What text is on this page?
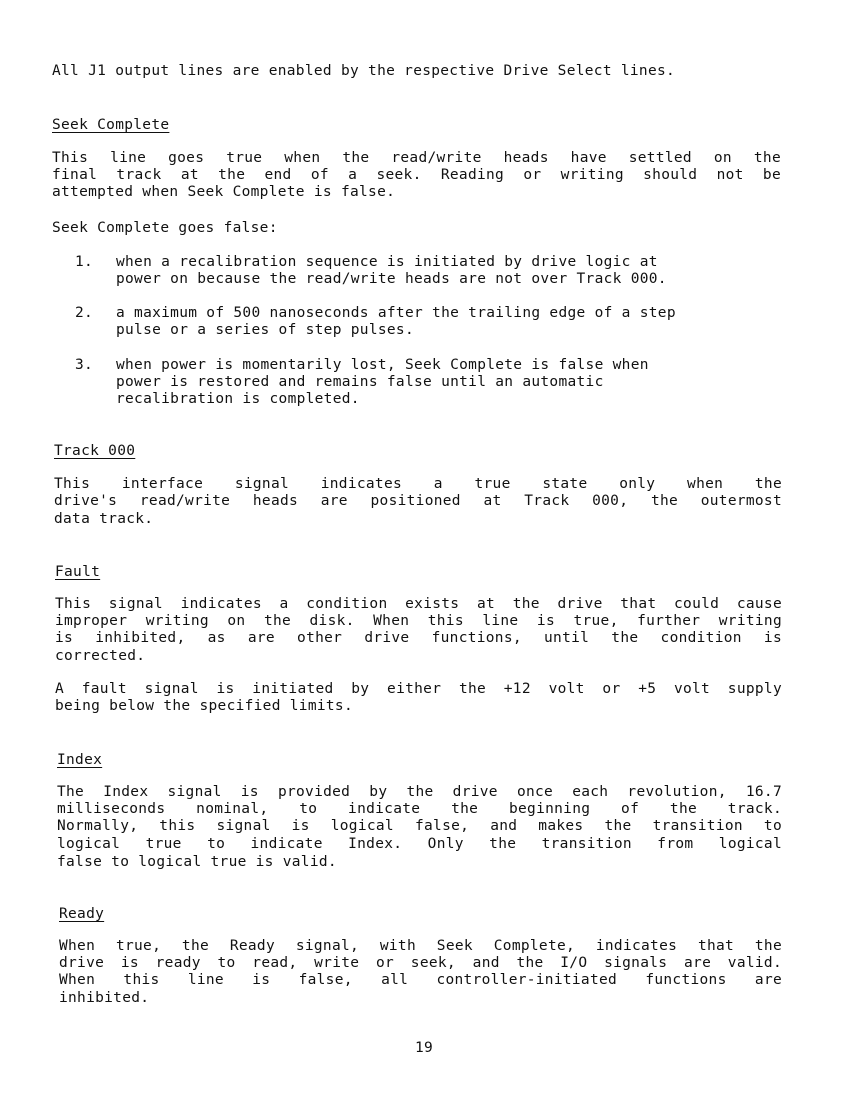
All J1 output lines are enabled by the respective Drive Select lines.
Seek Complete
This line goes true when the read/write heads have settled on the
final track at the end of a seek. Reading or writing should not be
attempted when Seek Complete is false.
Seek Complete goes false:
1. when a recalibration sequence is initiated by drive logic at
power on because the read/write heads are not over Track 000.
2. a maximum of 500 nanoseconds after the trailing edge of a step
pulse or a series of step pulses.
3. when power is momentarily lost, Seek Complete is false when
power is restored and remains false until an automatic
recalibration is completed.
Track 000
This interface signal indicates a true state only when the
drive's read/write heads are positioned at Track 000, the outermost
data track.
Fault
This signal indicates a condition exists at the drive that could cause
improper writing on the disk. When this line is true, further writing
is inhibited, as are other drive functions, until the condition is
corrected.
A fault signal is initiated by either the +12 volt or +5 volt supply
being below the specified limits.
Index
The Index signal is provided by the drive once each revolution, 16.7
milliseconds nominal, to indicate the beginning of the track.
Normally, this signal is logical false, and makes the transition to
logical true to indicate Index. Only the transition from logical
false to logical true is valid.
Ready
When true, the Ready signal, with Seek Complete, indicates that the
drive is ready to read, write or seek, and the I/O signals are valid.
When this line is false, all controller-initiated functions are
inhibited.
19
